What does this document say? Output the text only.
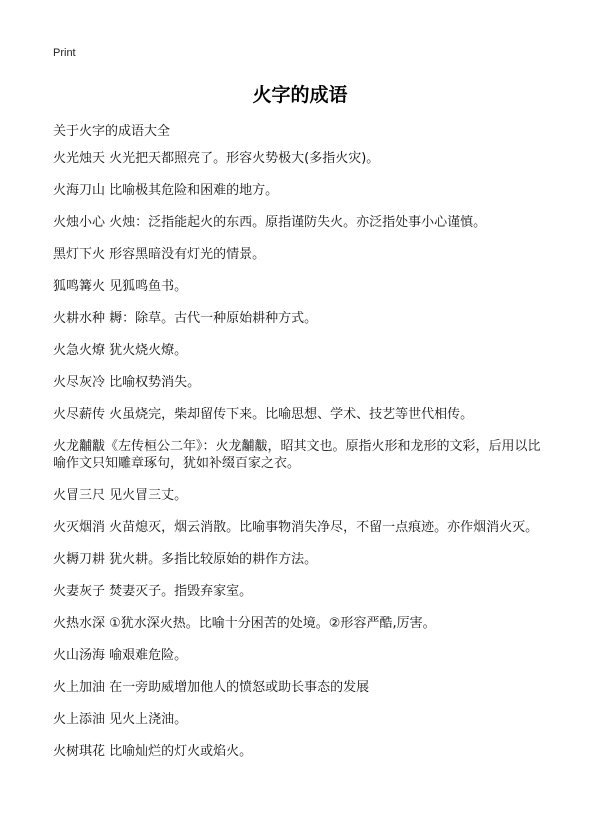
Print
火字的成语
关于火字的成语大全
火光烛天 火光把天都照亮了。形容火势极大(多指火灾)。
火海刀山 比喻极其危险和困难的地方。
火烛小心 火烛：泛指能起火的东西。原指谨防失火。亦泛指处事小心谨慎。
黑灯下火 形容黑暗没有灯光的情景。
狐鸣篝火 见狐鸣鱼书。
火耕水种 耨：除草。古代一种原始耕种方式。
火急火燎 犹火烧火燎。
火尽灰冷 比喻权势消失。
火尽薪传 火虽烧完，柴却留传下来。比喻思想、学术、技艺等世代相传。
火龙黼黻《左传桓公二年》：火龙黼黻，昭其文也。原指火形和龙形的文彩，后用以比喻作文只知雕章琢句，犹如补缀百家之衣。
火冒三尺 见火冒三丈。
火灭烟消 火苗熄灭，烟云消散。比喻事物消失净尽，不留一点痕迹。亦作烟消火灭。
火耨刀耕 犹火耕。多指比较原始的耕作方法。
火妻灰子 焚妻灭子。指毁弃家室。
火热水深 ①犹水深火热。比喻十分困苦的处境。②形容严酷,厉害。
火山汤海 喻艰难危险。
火上加油 在一旁助威增加他人的愤怒或助长事态的发展
火上添油 见火上浇油。
火树琪花 比喻灿烂的灯火或焰火。
